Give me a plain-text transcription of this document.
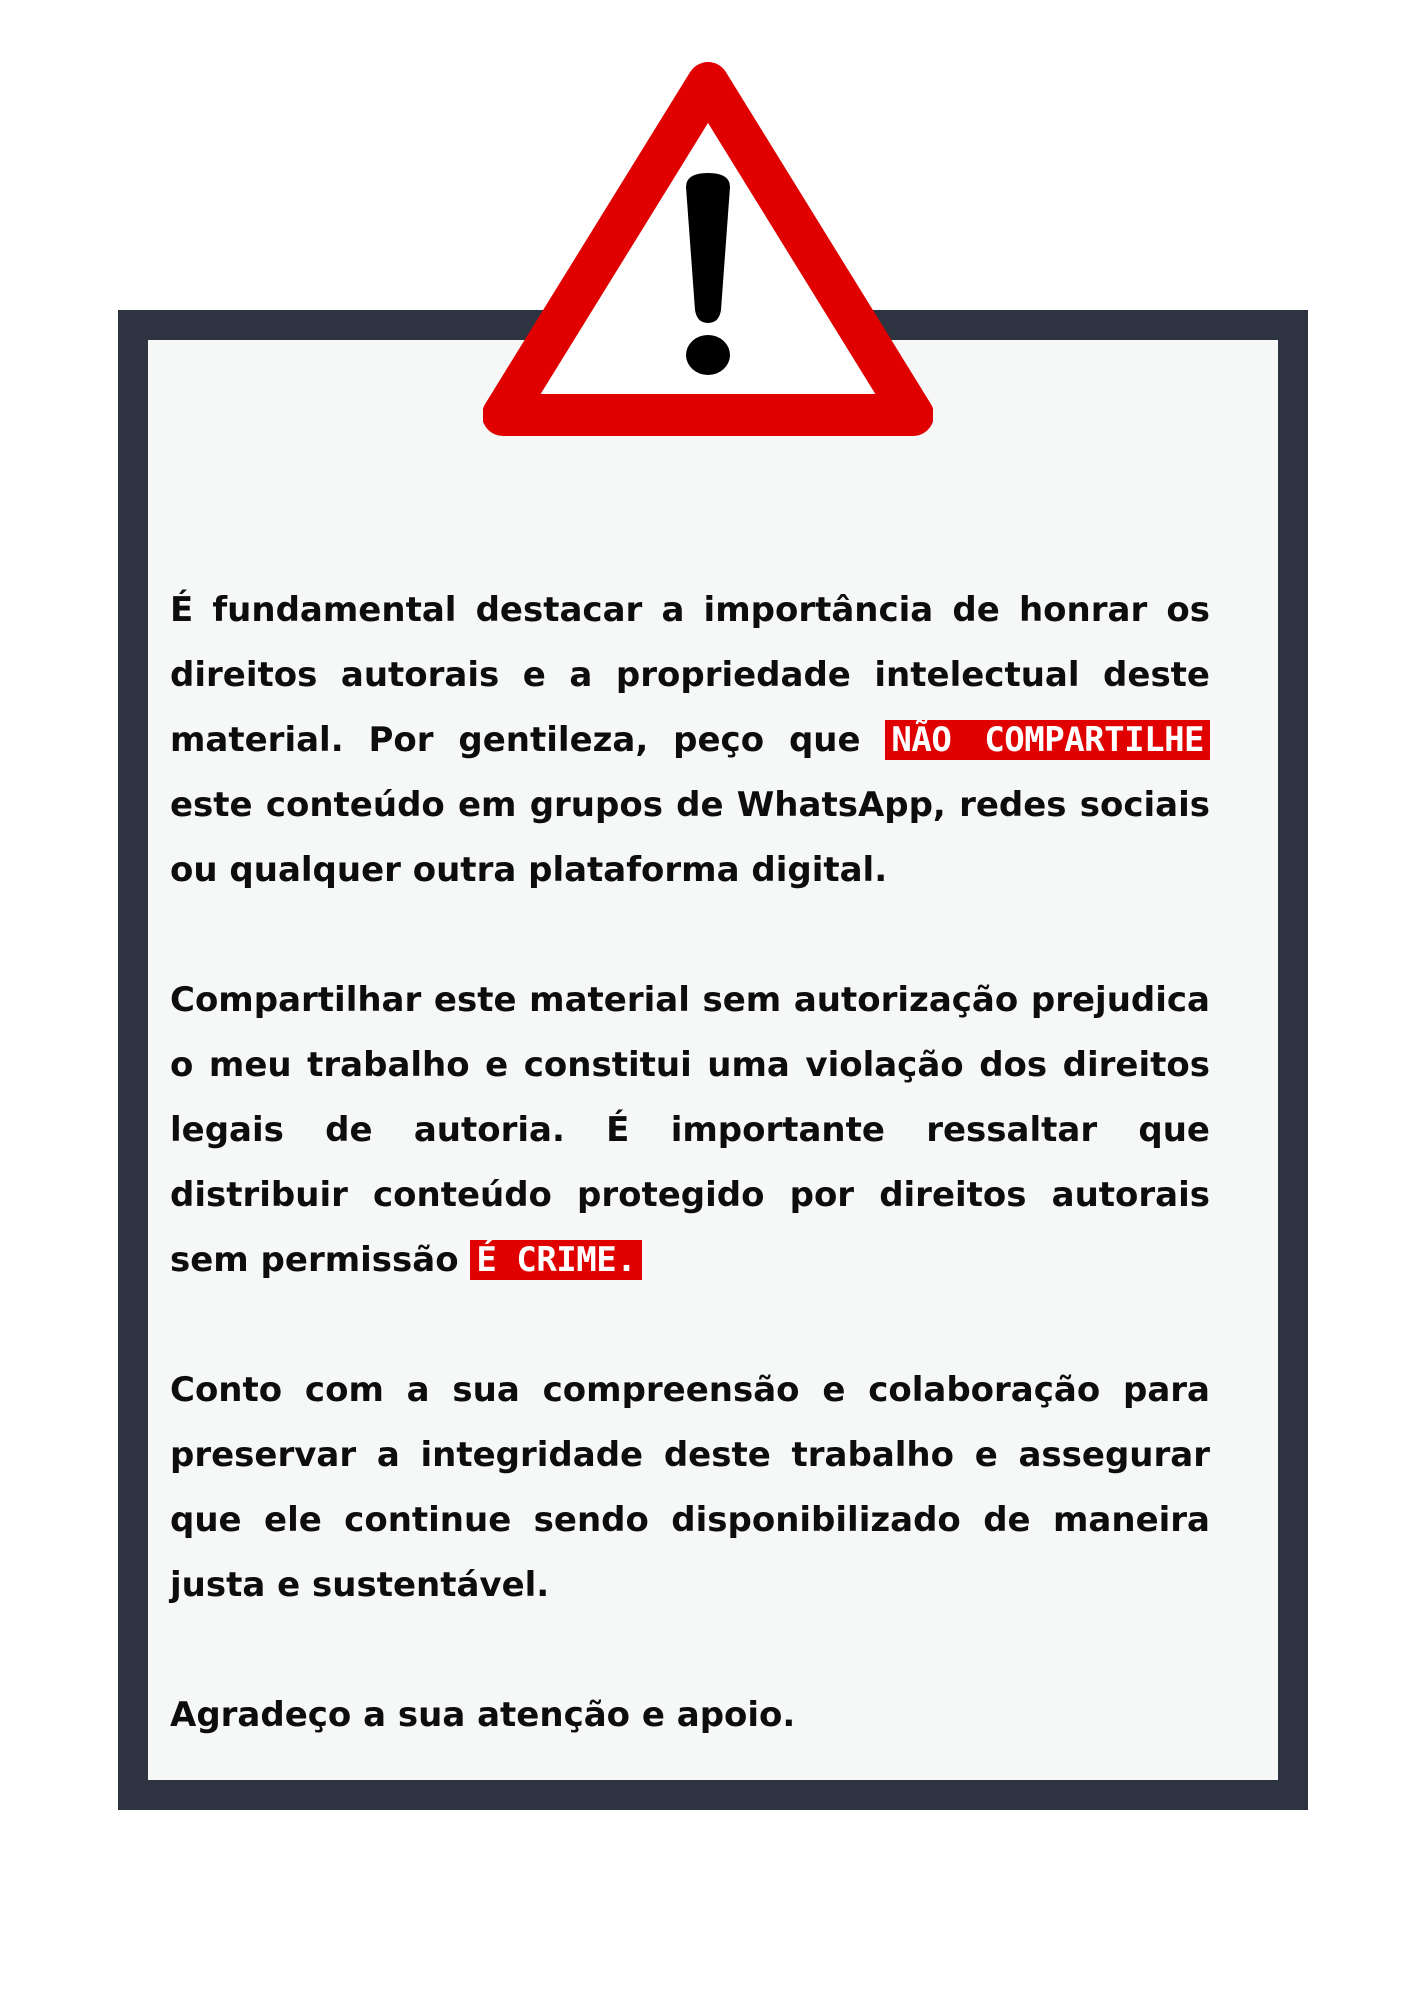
É fundamental destacar a importância de honrar os direitos autorais e a propriedade intelectual deste material. Por gentileza, peço que NÃO COMPARTILHE este conteúdo em grupos de WhatsApp, redes sociais ou qualquer outra plataforma digital.

Compartilhar este material sem autorização prejudica o meu trabalho e constitui uma violação dos direitos legais de autoria. É importante ressaltar que distribuir conteúdo protegido por direitos autorais sem permissão É CRIME.

Conto com a sua compreensão e colaboração para preservar a integridade deste trabalho e assegurar que ele continue sendo disponibilizado de maneira justa e sustentável.

Agradeço a sua atenção e apoio.
